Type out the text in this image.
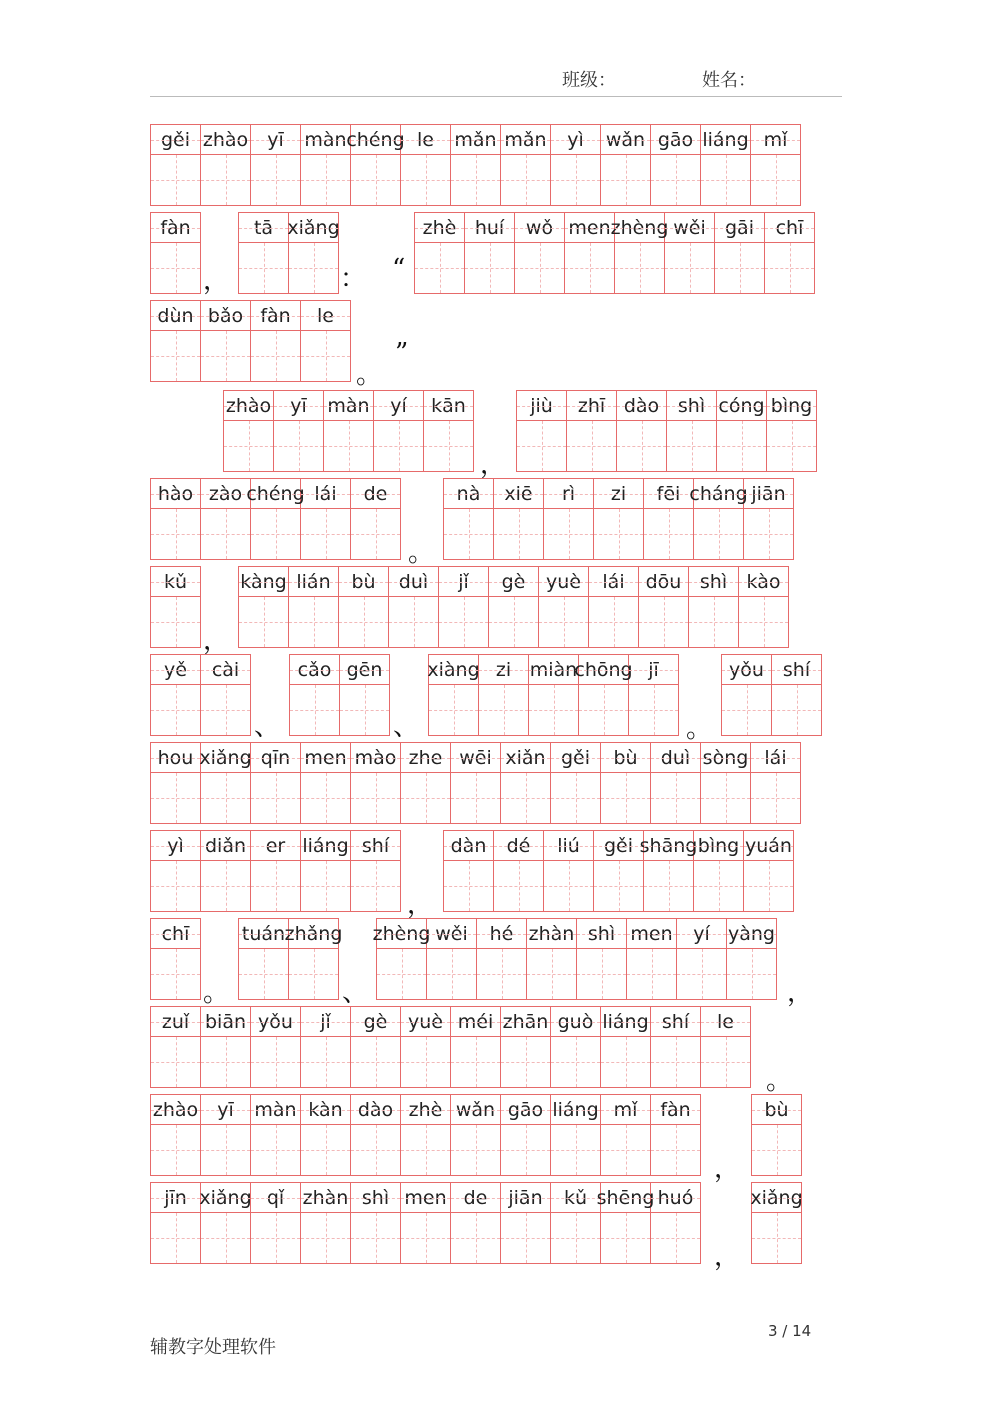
班级：	姓名：
gěi zhào	yī	màn chéng le	mǎn mǎn	yì	wǎn gāo liáng mǐ
fàn	tā xiǎng	zhè huí	wǒ men zhèng wěi	gāi	chī
，	： “
dùn bǎo fàn	le
。
”
zhào	yī	màn	yí	kān	jiù	zhī dào shì cóng bìng
，
hào zào chéng lái	de	nà	xiē	rì	zi	fēi cháng jiān
。
kǔ	kàng lián	bù	duì	jǐ	gè	yuè	lái	dōu shì	kào
，
yě	cài	cǎo gēn	xiàng zi miàn
chōng jī	yǒu shí
、	、	。
hou xiǎng qīn men mào zhe wēi xiǎn gěi	bù	duì sòng lái
yì	diǎn	er liáng shí	dàn	dé	liú	gěi shāng bìng yuán
，
chī	tuán zhǎng zhèng wěi	hé zhàn shì men	yí yàng
。	、	，
zuǐ biān yǒu	jǐ	gè	yuè méi zhān guò liáng shí	le
。
zhào	yī	màn kàn dào zhè wǎn gāo liáng mǐ	fàn	bù
，
jīn xiǎng qǐ zhàn shì men de	jiān	kǔ shēng huó	xiǎng
，
辅教字处理软件
3 / 14
